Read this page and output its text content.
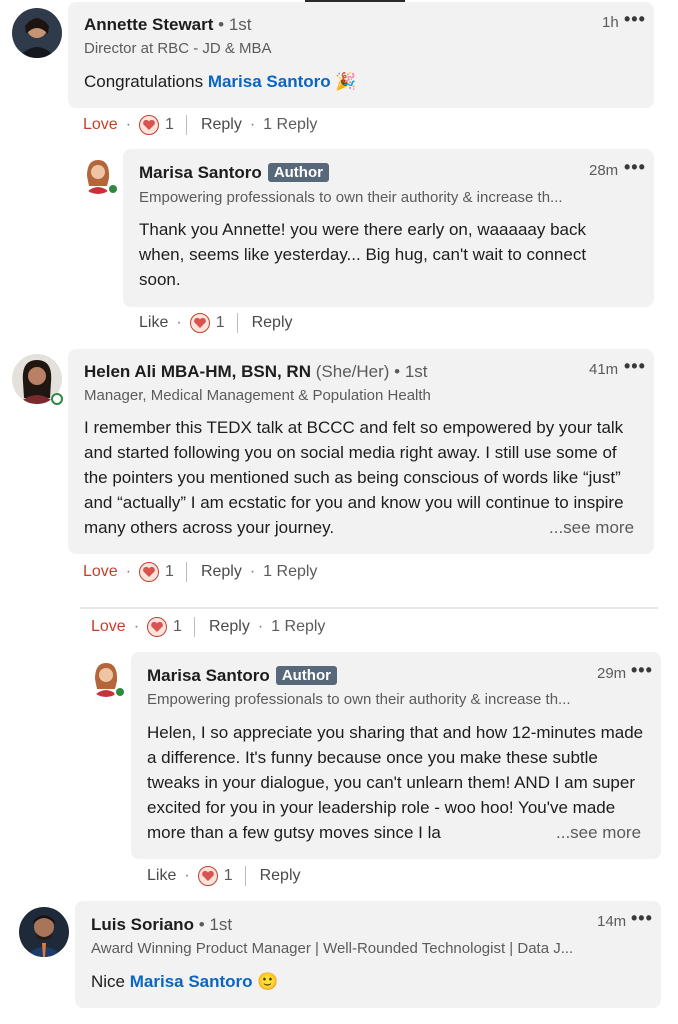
Annette Stewart • 1st
Director at RBC - JD & MBA
1h •••
Congratulations Marisa Santoro 🎉
Love · 1 Reply · 1 Reply
Marisa Santoro Author
Empowering professionals to own their authority & increase th...
28m •••
Thank you Annette! you were there early on, waaaaay back when, seems like yesterday... Big hug, can't wait to connect soon.
Like · 1 Reply
Helen Ali MBA-HM, BSN, RN (She/Her) • 1st
Manager, Medical Management & Population Health
41m •••
I remember this TEDX talk at BCCC and felt so empowered by your talk and started following you on social media right away. I still use some of the pointers you mentioned such as being conscious of words like “just” and “actually” I am ecstatic for you and know you will continue to inspire many others across your journey.	...see more
Love · 1 Reply · 1 Reply
Love · 1 Reply · 1 Reply
Marisa Santoro Author
Empowering professionals to own their authority & increase th...
29m •••
Helen, I so appreciate you sharing that and how 12-minutes made a difference. It's funny because once you make these subtle tweaks in your dialogue, you can't unlearn them! AND I am super excited for you in your leadership role - woo hoo! You've made more than a few gutsy moves since I la	...see more
Like · 1 Reply
Luis Soriano • 1st
Award Winning Product Manager | Well-Rounded Technologist | Data J...
14m •••
Nice Marisa Santoro 🙂
